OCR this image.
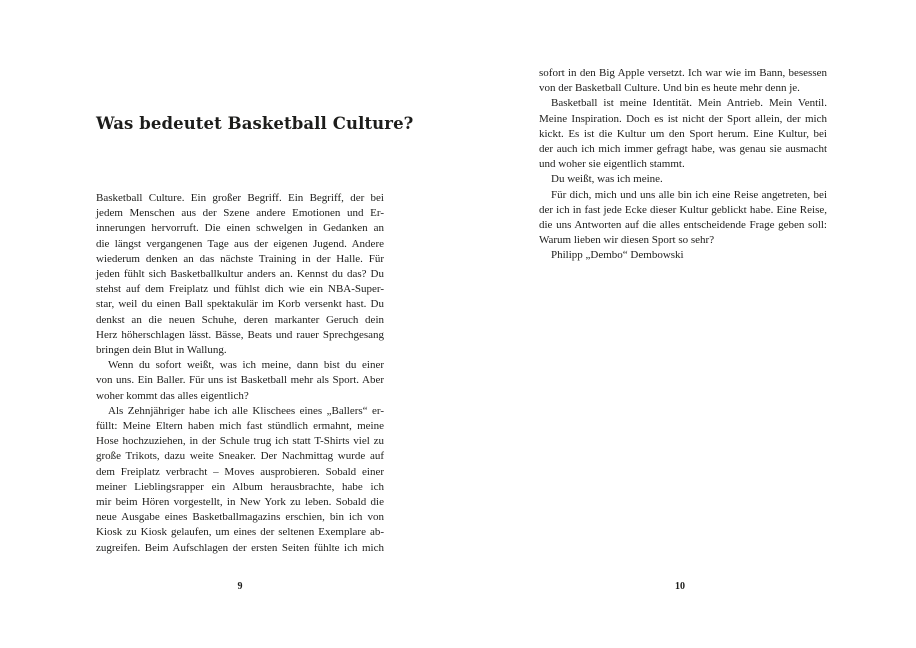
Was bedeutet Basketball Culture?
Basketball Culture. Ein großer Begriff. Ein Begriff, der bei
jedem Menschen aus der Szene andere Emotionen und Er-
innerungen hervorruft. Die einen schwelgen in Gedanken an
die längst vergangenen Tage aus der eigenen Jugend. Andere
wiederum denken an das nächste Training in der Halle. Für
jeden fühlt sich Basketballkultur anders an. Kennst du das? Du
stehst auf dem Freiplatz und fühlst dich wie ein NBA-Super-
star, weil du einen Ball spektakulär im Korb versenkt hast. Du
denkst an die neuen Schuhe, deren markanter Geruch dein
Herz höherschlagen lässt. Bässe, Beats und rauer Sprechgesang
bringen dein Blut in Wallung.
Wenn du sofort weißt, was ich meine, dann bist du einer
von uns. Ein Baller. Für uns ist Basketball mehr als Sport. Aber
woher kommt das alles eigentlich?
Als Zehnjähriger habe ich alle Klischees eines „Ballers“ er-
füllt: Meine Eltern haben mich fast stündlich ermahnt, meine
Hose hochzuziehen, in der Schule trug ich statt T-Shirts viel zu
große Trikots, dazu weite Sneaker. Der Nachmittag wurde auf
dem Freiplatz verbracht – Moves ausprobieren. Sobald einer
meiner Lieblingsrapper ein Album herausbrachte, habe ich
mir beim Hören vorgestellt, in New York zu leben. Sobald die
neue Ausgabe eines Basketballmagazins erschien, bin ich von
Kiosk zu Kiosk gelaufen, um eines der seltenen Exemplare ab-
zugreifen. Beim Aufschlagen der ersten Seiten fühlte ich mich
9
sofort in den Big Apple versetzt. Ich war wie im Bann, besessen
von der Basketball Culture. Und bin es heute mehr denn je.
Basketball ist meine Identität. Mein Antrieb. Mein Ventil.
Meine Inspiration. Doch es ist nicht der Sport allein, der mich
kickt. Es ist die Kultur um den Sport herum. Eine Kultur, bei
der auch ich mich immer gefragt habe, was genau sie ausmacht
und woher sie eigentlich stammt.
Du weißt, was ich meine.
Für dich, mich und uns alle bin ich eine Reise angetreten, bei
der ich in fast jede Ecke dieser Kultur geblickt habe. Eine Reise,
die uns Antworten auf die alles entscheidende Frage geben soll:
Warum lieben wir diesen Sport so sehr?
Philipp „Dembo“ Dembowski
10
